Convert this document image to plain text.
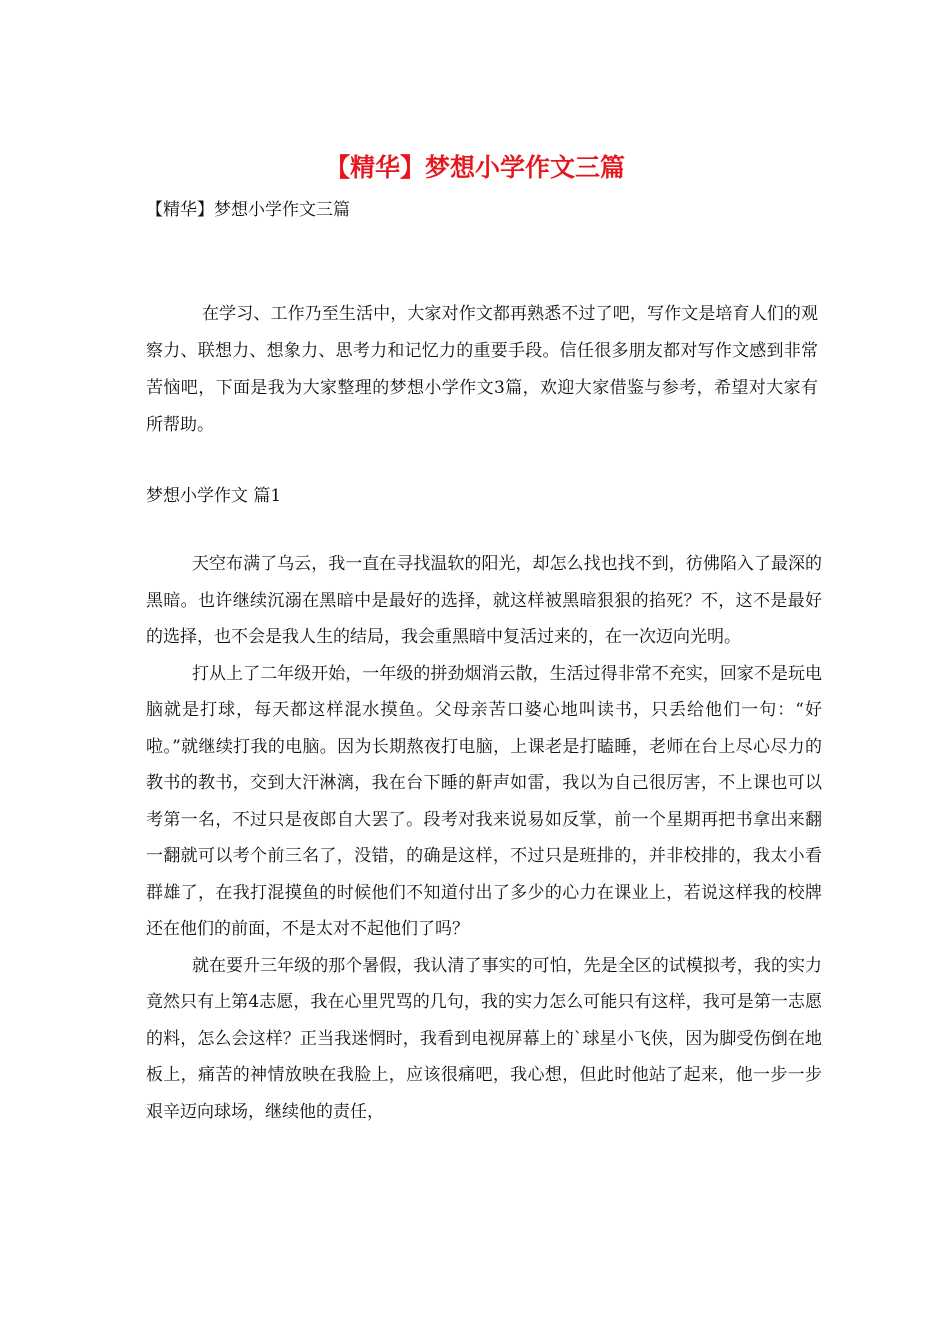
【精华】梦想小学作文三篇

【精华】梦想小学作文三篇

在学习、工作乃至生活中，大家对作文都再熟悉不过了吧，写作文是培育人们的观察力、联想力、想象力、思考力和记忆力的重要手段。信任很多朋友都对写作文感到非常苦恼吧，下面是我为大家整理的梦想小学作文3篇，欢迎大家借鉴与参考，希望对大家有所帮助。

梦想小学作文 篇1

天空布满了乌云，我一直在寻找温软的阳光，却怎么找也找不到，彷佛陷入了最深的黑暗。也许继续沉溺在黑暗中是最好的选择，就这样被黑暗狠狠的掐死？不，这不是最好的选择，也不会是我人生的结局，我会重黑暗中复活过来的，在一次迈向光明。

打从上了二年级开始，一年级的拼劲烟消云散，生活过得非常不充实，回家不是玩电脑就是打球，每天都这样混水摸鱼。父母亲苦口婆心地叫读书，只丢给他们一句：“好啦。”就继续打我的电脑。因为长期熬夜打电脑，上课老是打瞌睡，老师在台上尽心尽力的教书的教书，交到大汗淋漓，我在台下睡的鼾声如雷，我以为自己很厉害，不上课也可以考第一名，不过只是夜郎自大罢了。段考对我来说易如反掌，前一个星期再把书拿出来翻一翻就可以考个前三名了，没错，的确是这样，不过只是班排的，并非校排的，我太小看群雄了，在我打混摸鱼的时候他们不知道付出了多少的心力在课业上，若说这样我的校牌还在他们的前面，不是太对不起他们了吗？

就在要升三年级的那个暑假，我认清了事实的可怕，先是全区的试模拟考，我的实力竟然只有上第4志愿，我在心里咒骂的几句，我的实力怎么可能只有这样，我可是第一志愿的料，怎么会这样？正当我迷惘时，我看到电视屏幕上的`球星小飞侠，因为脚受伤倒在地板上，痛苦的神情放映在我脸上，应该很痛吧，我心想，但此时他站了起来，他一步一步艰辛迈向球场，继续他的责任，
